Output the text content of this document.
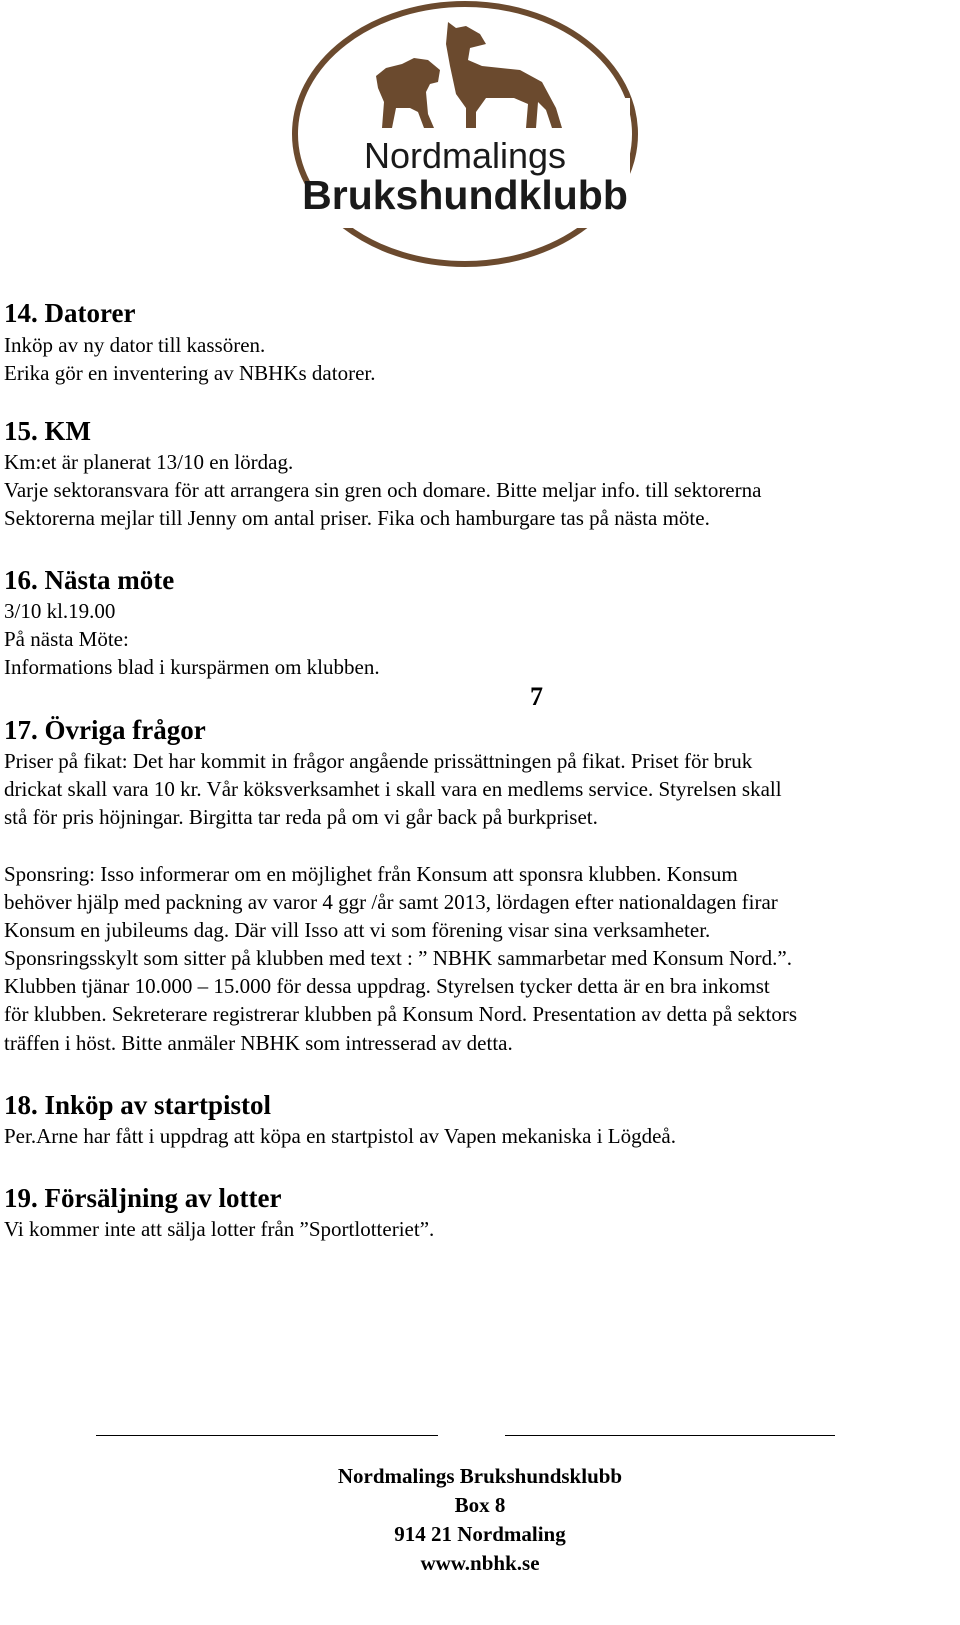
Nordmalings
Brukshundklubb
14. Datorer
Inköp av ny dator till kassören.
Erika gör en inventering av NBHKs datorer.
15. KM
Km:et är planerat 13/10 en lördag.
Varje sektoransvara för att arrangera sin gren och domare. Bitte meljar info. till sektorerna
Sektorerna mejlar till Jenny om antal priser. Fika och hamburgare tas på nästa möte.
16. Nästa möte
3/10 kl.19.00
På nästa Möte:
Informations blad i kurspärmen om klubben.
7
17. Övriga frågor
Priser på fikat: Det har kommit in frågor angående prissättningen på fikat. Priset för bruk
drickat skall vara 10 kr. Vår köksverksamhet i skall vara en medlems service. Styrelsen skall
stå för pris höjningar. Birgitta tar reda på om vi går back på burkpriset.
Sponsring: Isso informerar om en möjlighet från Konsum att sponsra klubben. Konsum
behöver hjälp med packning av varor 4 ggr /år samt 2013, lördagen efter nationaldagen firar
Konsum en jubileums dag. Där vill Isso att vi som förening visar sina verksamheter.
Sponsringsskylt som sitter på klubben med text : ” NBHK sammarbetar med Konsum Nord.”.
Klubben tjänar 10.000 – 15.000 för dessa uppdrag. Styrelsen tycker detta är en bra inkomst
för klubben. Sekreterare registrerar klubben på Konsum Nord. Presentation av detta på sektors
träffen i höst. Bitte anmäler NBHK som intresserad av detta.
18. Inköp av startpistol
Per.Arne har fått i uppdrag att köpa en startpistol av Vapen mekaniska i Lögdeå.
19. Försäljning av lotter
Vi kommer inte att sälja lotter från ”Sportlotteriet”.
Nordmalings Brukshundsklubb
Box 8
914 21 Nordmaling
www.nbhk.se
